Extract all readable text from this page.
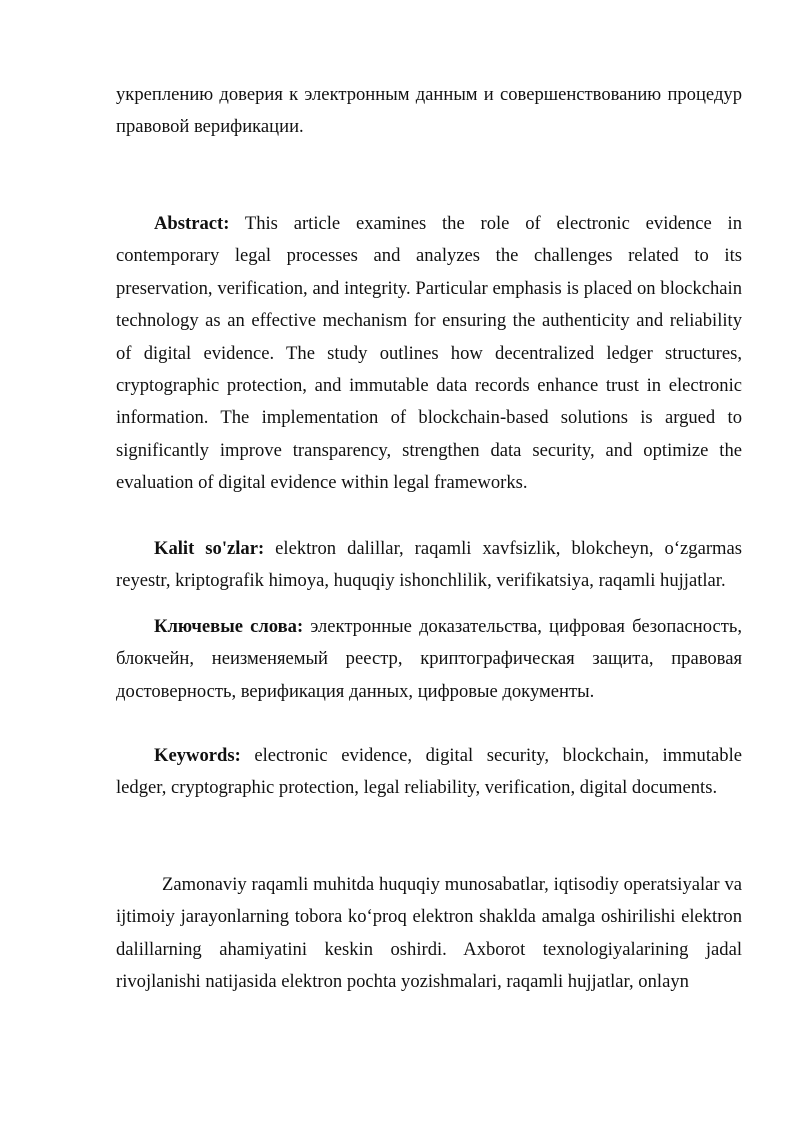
укреплению доверия к электронным данным и совершенствованию процедур правовой верификации.

Abstract: This article examines the role of electronic evidence in contemporary legal processes and analyzes the challenges related to its preservation, verification, and integrity. Particular emphasis is placed on blockchain technology as an effective mechanism for ensuring the authenticity and reliability of digital evidence. The study outlines how decentralized ledger structures, cryptographic protection, and immutable data records enhance trust in electronic information. The implementation of blockchain-based solutions is argued to significantly improve transparency, strengthen data security, and optimize the evaluation of digital evidence within legal frameworks.

Kalit so'zlar: elektron dalillar, raqamli xavfsizlik, blokcheyn, o‘zgarmas reyestr, kriptografik himoya, huquqiy ishonchlilik, verifikatsiya, raqamli hujjatlar.

Ключевые слова: электронные доказательства, цифровая безопасность, блокчейн, неизменяемый реестр, криптографическая защита, правовая достоверность, верификация данных, цифровые документы.

Keywords: electronic evidence, digital security, blockchain, immutable ledger, cryptographic protection, legal reliability, verification, digital documents.

Zamonaviy raqamli muhitda huquqiy munosabatlar, iqtisodiy operatsiyalar va ijtimoiy jarayonlarning tobora ko‘proq elektron shaklda amalga oshirilishi elektron dalillarning ahamiyatini keskin oshirdi. Axborot texnologiyalarining jadal rivojlanishi natijasida elektron pochta yozishmalari, raqamli hujjatlar, onlayn
